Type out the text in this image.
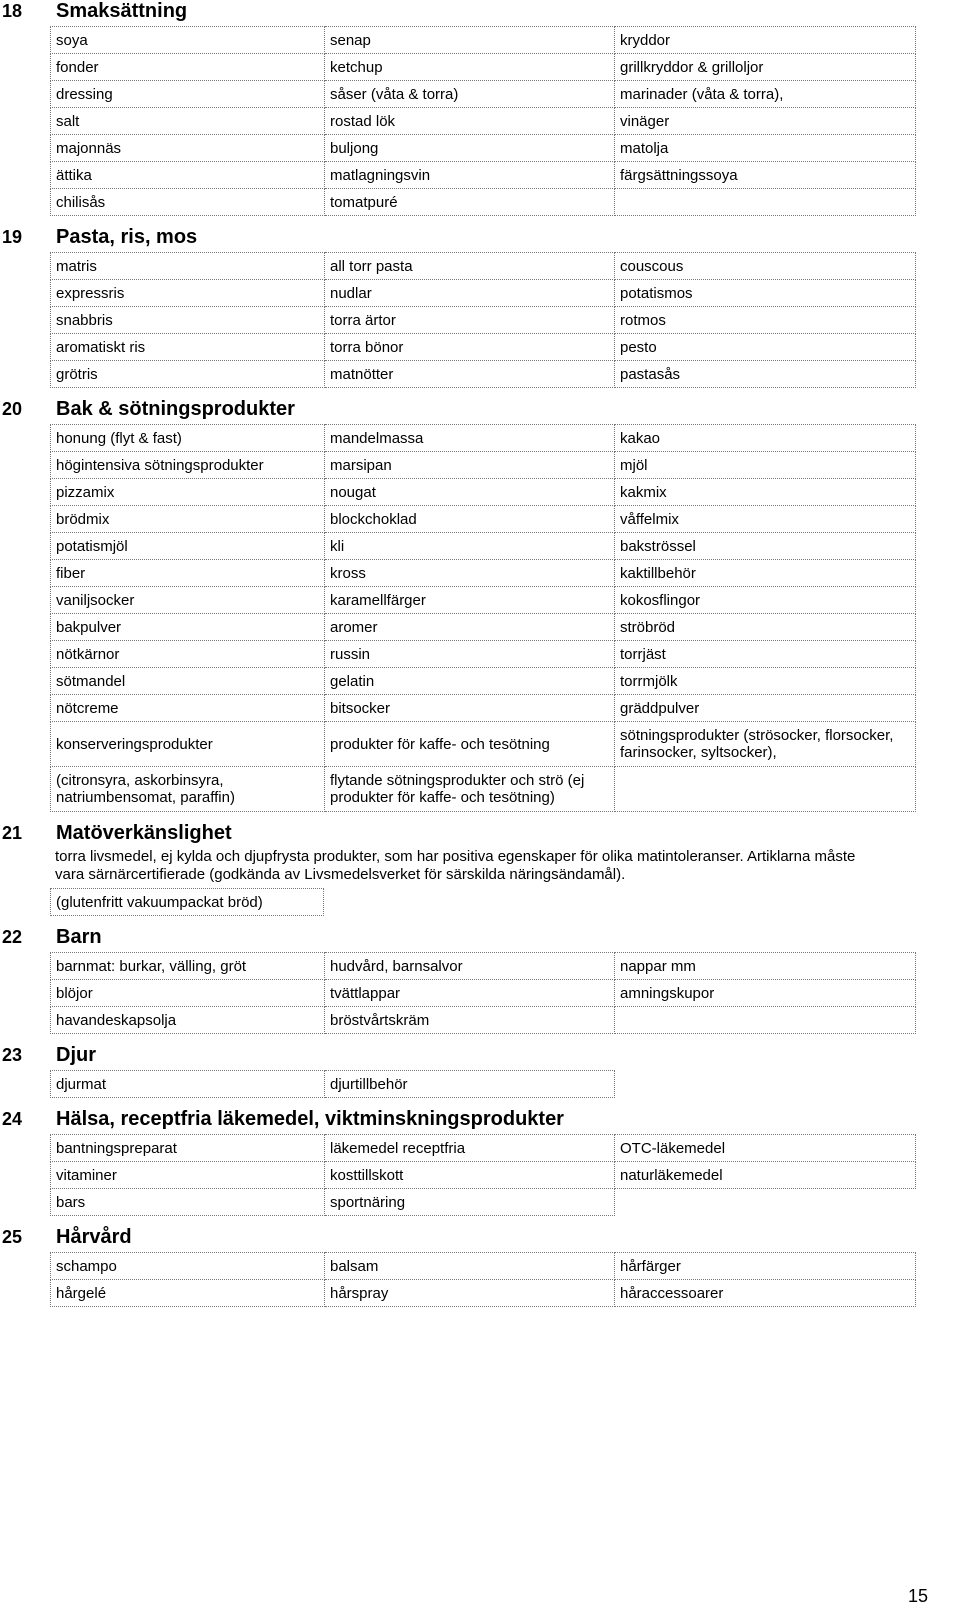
18 Smaksättning
soya	senap	kryddor
fonder	ketchup	grillkryddor & grilloljor
dressing	såser (våta & torra)	marinader (våta & torra),
salt	rostad lök	vinäger
majonnäs	buljong	matolja
ättika	matlagningsvin	färgsättningssoya
chilisås	tomatpuré	
19 Pasta, ris, mos
matris	all torr pasta	couscous
expressris	nudlar	potatismos
snabbris	torra ärtor	rotmos
aromatiskt ris	torra bönor	pesto
grötris	matnötter	pastasås
20 Bak & sötningsprodukter
honung (flyt & fast)	mandelmassa	kakao
högintensiva sötningsprodukter	marsipan	mjöl
pizzamix	nougat	kakmix
brödmix	blockchoklad	våffelmix
potatismjöl	kli	bakströssel
fiber	kross	kaktillbehör
vaniljsocker	karamellfärger	kokosflingor
bakpulver	aromer	ströbröd
nötkärnor	russin	torrjäst
sötmandel	gelatin	torrmjölk
nötcreme	bitsocker	gräddpulver
konserveringsprodukter	produkter för kaffe- och tesötning	sötningsprodukter (strösocker, florsocker, farinsocker, syltsocker),
(citronsyra, askorbinsyra, natriumbensomat, paraffin)	flytande sötningsprodukter och strö (ej produkter för kaffe- och tesötning)	
21 Matöverkänslighet
torra livsmedel, ej kylda och djupfrysta produkter, som har positiva egenskaper för olika matintoleranser. Artiklarna måste vara särnärcertifierade (godkända av Livsmedelsverket för särskilda näringsändamål).
(glutenfritt vakuumpackat bröd)
22 Barn
barnmat: burkar, välling, gröt	hudvård, barnsalvor	nappar mm
blöjor	tvättlappar	amningskupor
havandeskapsolja	bröstvårtskräm	
23 Djur
djurmat	djurtillbehör
24 Hälsa, receptfria läkemedel, viktminskningsprodukter
bantningspreparat	läkemedel receptfria	OTC-läkemedel
vitaminer	kosttillskott	naturläkemedel
bars	sportnäring	
25 Hårvård
schampo	balsam	hårfärger
hårgelé	hårspray	håraccessoarer
15
